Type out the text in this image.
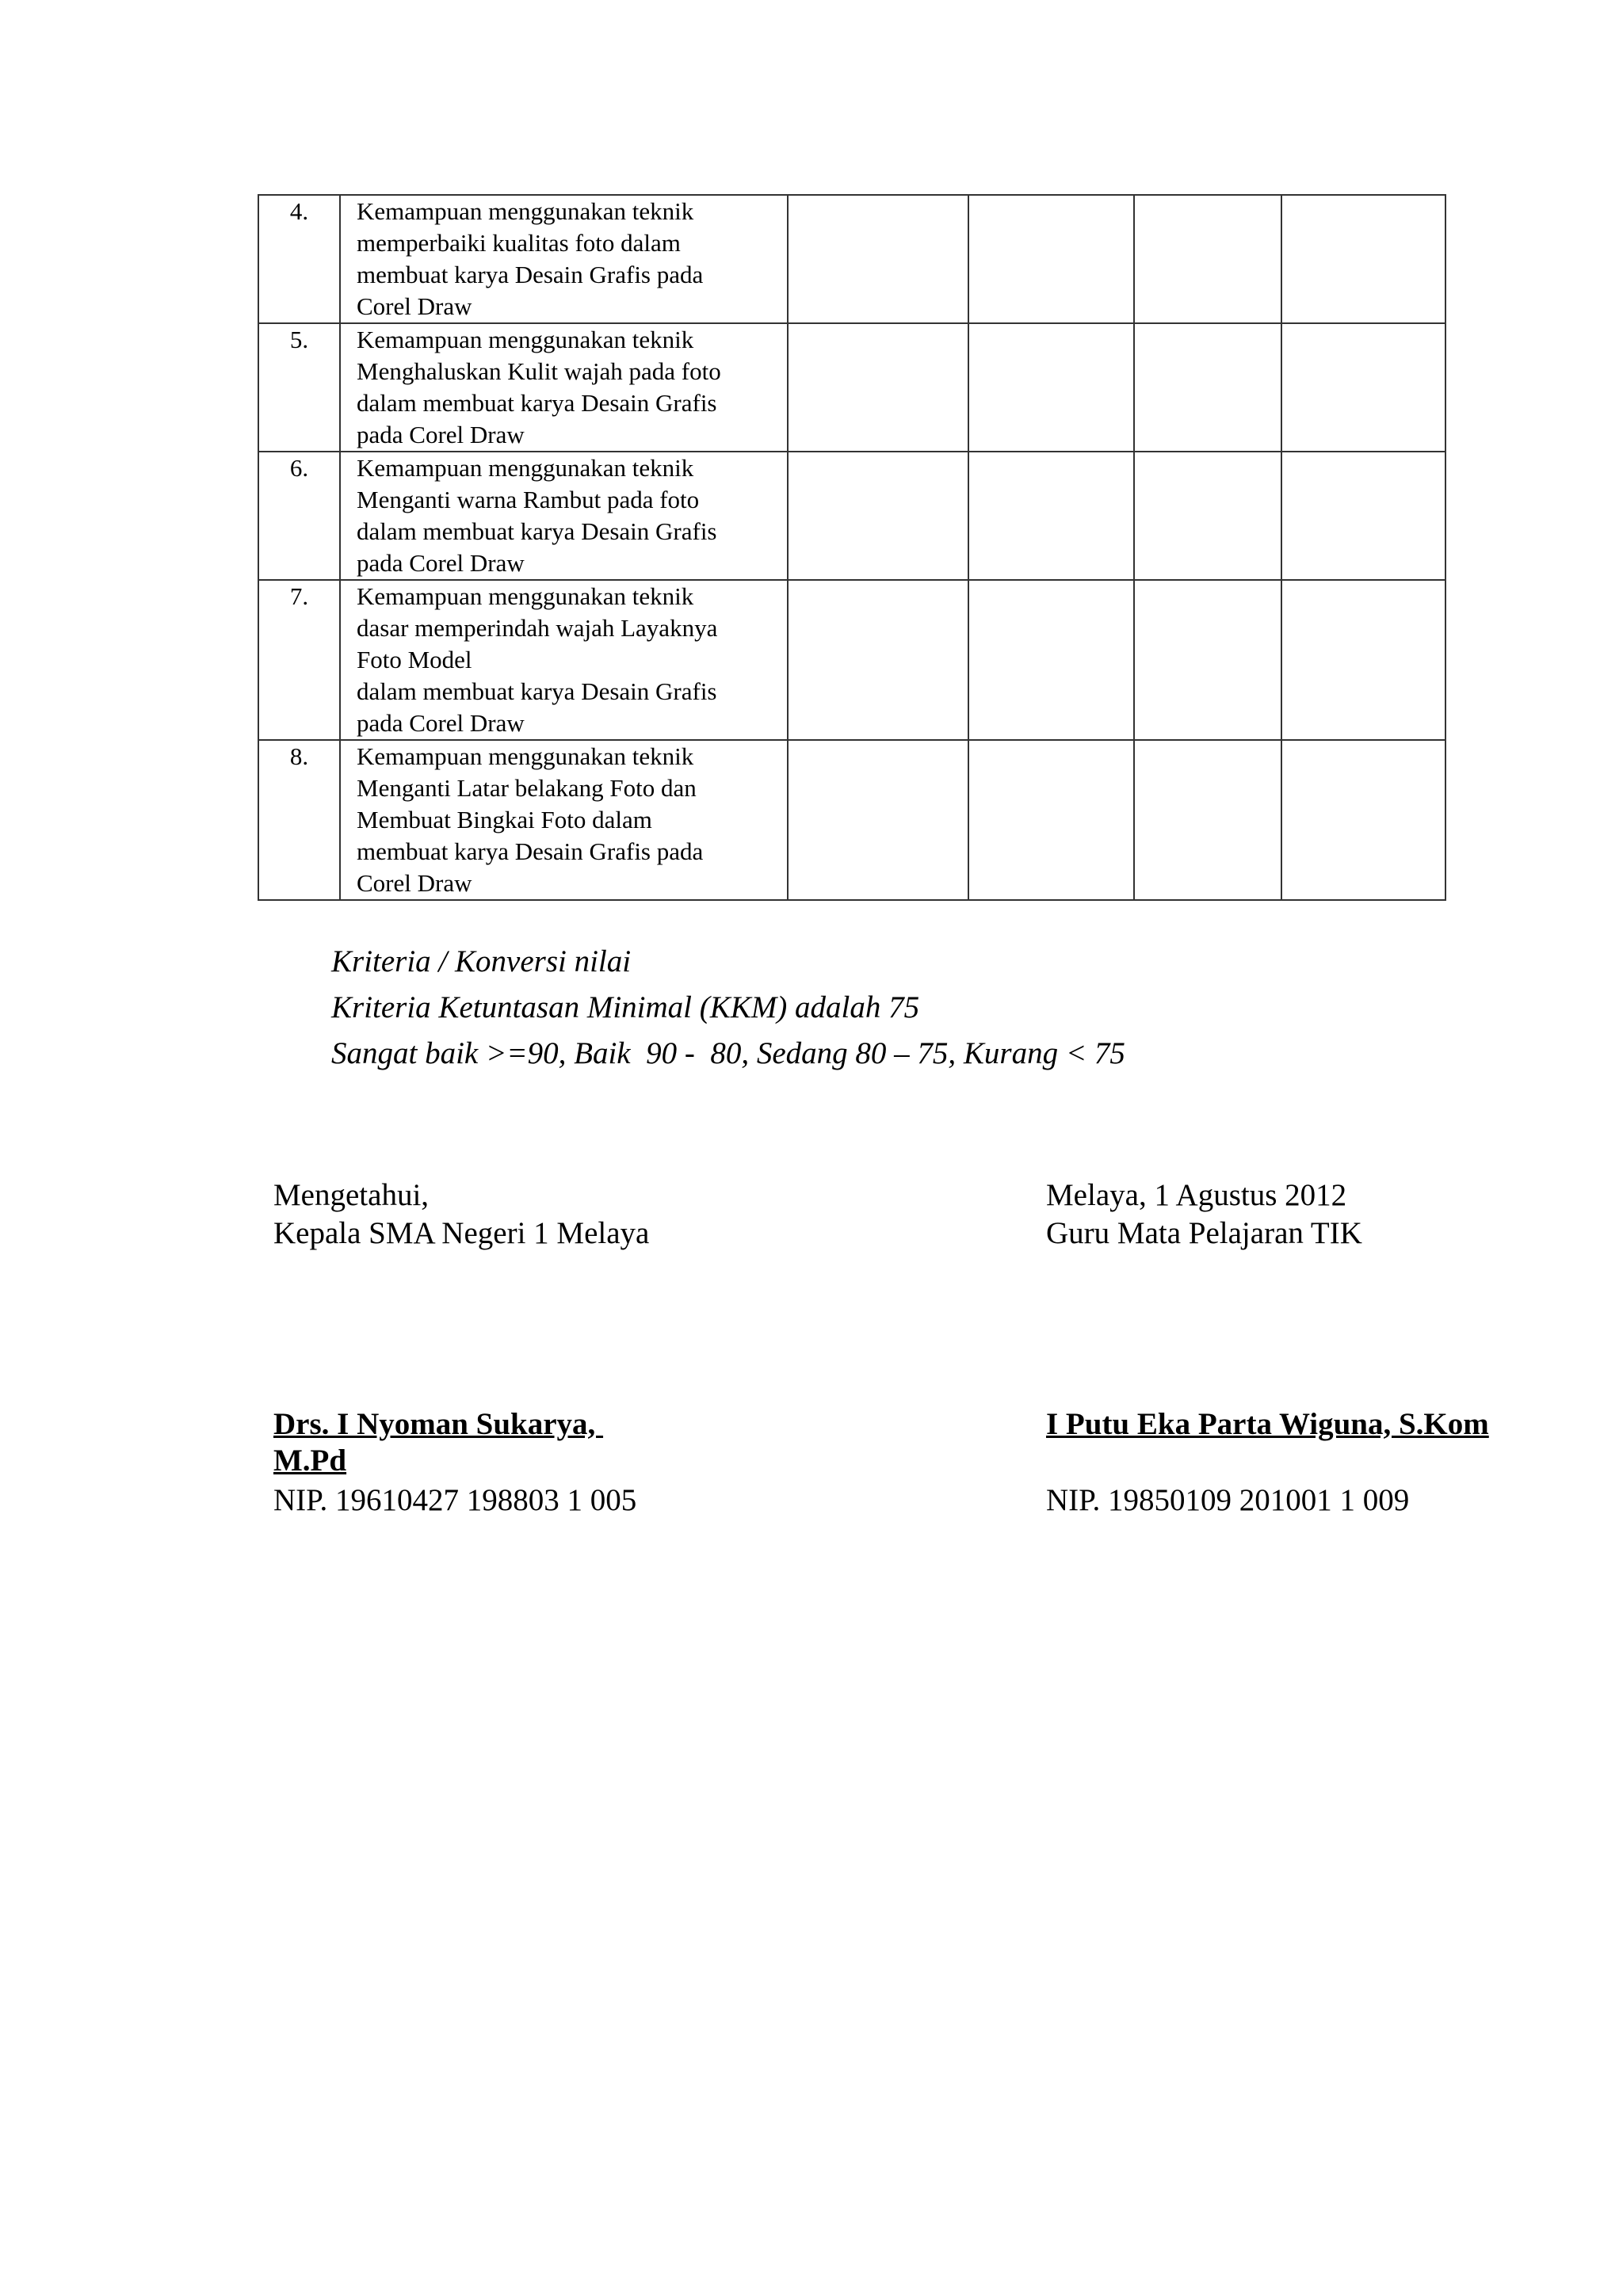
4.	Kemampuan menggunakan teknik
memperbaiki kualitas foto dalam
membuat karya Desain Grafis pada
Corel Draw				

5.	Kemampuan menggunakan teknik
Menghaluskan Kulit wajah pada foto
dalam membuat karya Desain Grafis
pada Corel Draw				

6.	Kemampuan menggunakan teknik
Menganti warna Rambut pada foto
dalam membuat karya Desain Grafis
pada Corel Draw				

7.	Kemampuan menggunakan teknik
dasar memperindah wajah Layaknya
Foto Model
dalam membuat karya Desain Grafis
pada Corel Draw				

8.	Kemampuan menggunakan teknik
Menganti Latar belakang Foto dan
Membuat Bingkai Foto dalam
membuat karya Desain Grafis pada
Corel Draw				

Kriteria / Konversi nilai
Kriteria Ketuntasan Minimal (KKM) adalah 75
Sangat baik >=90, Baik  90 -  80, Sedang 80 – 75, Kurang < 75
Mengetahui,
Kepala SMA Negeri 1 Melaya
Melaya, 1 Agustus 2012
Guru Mata Pelajaran TIK
Drs. I Nyoman Sukarya,
M.Pd
I Putu Eka Parta Wiguna, S.Kom
NIP. 19610427 198803 1 005	NIP. 19850109 201001 1 009
